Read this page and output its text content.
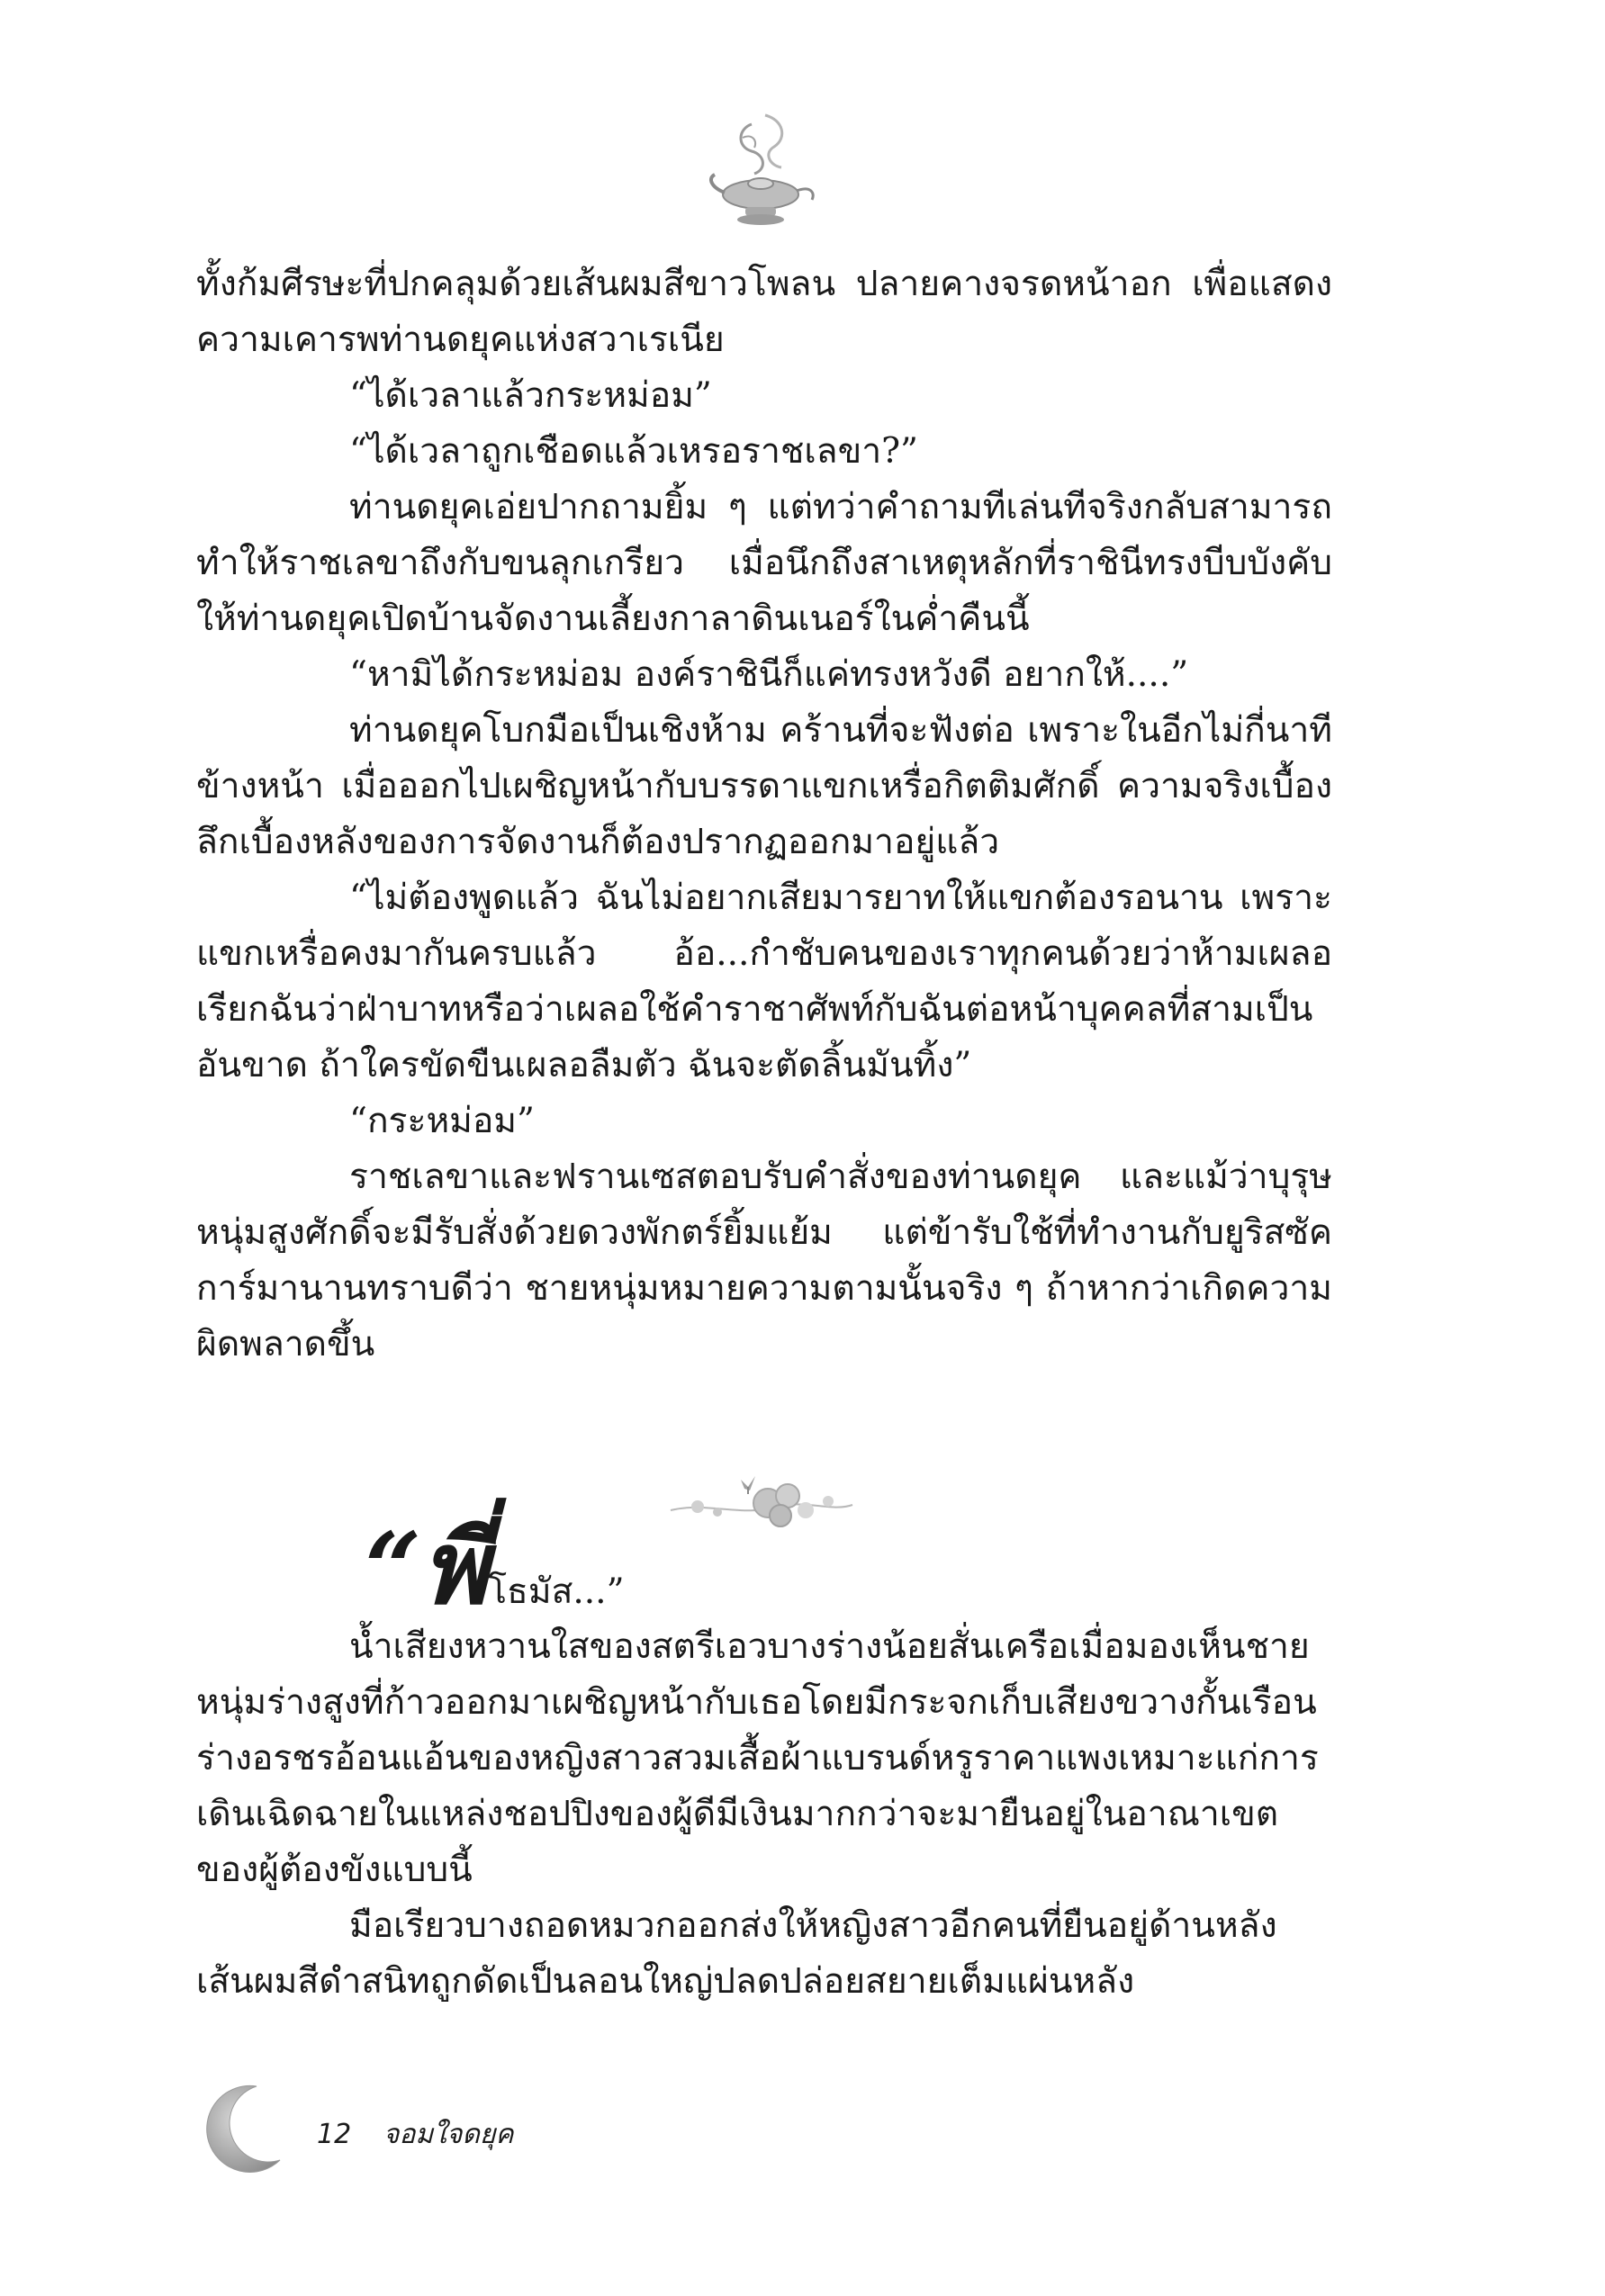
ทั้งก้มศีรษะที่ปกคลุมด้วยเส้นผมสีขาวโพลน ปลายคางจรดหน้าอก เพื่อแสดงความเคารพท่านดยุคแห่งสวาเรเนีย

“ได้เวลาแล้วกระหม่อม”

“ได้เวลาถูกเชือดแล้วเหรอราชเลขา?”

ท่านดยุคเอ่ยปากถามยิ้ม ๆ แต่ทว่าคำถามทีเล่นทีจริงกลับสามารถทำให้ราชเลขาถึงกับขนลุกเกรียว เมื่อนึกถึงสาเหตุหลักที่ราชินีทรงบีบบังคับให้ท่านดยุคเปิดบ้านจัดงานเลี้ยงกาลาดินเนอร์ในค่ำคืนนี้

“หามิได้กระหม่อม องค์ราชินีก็แค่ทรงหวังดี อยากให้....”

ท่านดยุคโบกมือเป็นเชิงห้าม คร้านที่จะฟังต่อ เพราะในอีกไม่กี่นาทีข้างหน้า เมื่อออกไปเผชิญหน้ากับบรรดาแขกเหรื่อกิตติมศักดิ์ ความจริงเบื้องลึกเบื้องหลังของการจัดงานก็ต้องปรากฏออกมาอยู่แล้ว

“ไม่ต้องพูดแล้ว ฉันไม่อยากเสียมารยาทให้แขกต้องรอนาน เพราะแขกเหรื่อคงมากันครบแล้ว อ้อ...กำชับคนของเราทุกคนด้วยว่าห้ามเผลอเรียกฉันว่าฝ่าบาทหรือว่าเผลอใช้คำราชาศัพท์กับฉันต่อหน้าบุคคลที่สามเป็นอันขาด ถ้าใครขัดขืนเผลอลืมตัว ฉันจะตัดลิ้นมันทิ้ง”

“กระหม่อม”

ราชเลขาและฟรานเซสตอบรับคำสั่งของท่านดยุค และแม้ว่าบุรุษหนุ่มสูงศักดิ์จะมีรับสั่งด้วยดวงพักตร์ยิ้มแย้ม แต่ข้ารับใช้ที่ทำงานกับยูริสซัคการ์มานานทราบดีว่า ชายหนุ่มหมายความตามนั้นจริง ๆ ถ้าหากว่าเกิดความผิดพลาดขึ้น

“พี่โธมัส...”

น้ำเสียงหวานใสของสตรีเอวบางร่างน้อยสั่นเครือเมื่อมองเห็นชายหนุ่มร่างสูงที่ก้าวออกมาเผชิญหน้ากับเธอโดยมีกระจกเก็บเสียงขวางกั้นเรือนร่างอรชรอ้อนแอ้นของหญิงสาวสวมเสื้อผ้าแบรนด์หรูราคาแพงเหมาะแก่การเดินเฉิดฉายในแหล่งชอปปิงของผู้ดีมีเงินมากกว่าจะมายืนอยู่ในอาณาเขตของผู้ต้องขังแบบนี้

มือเรียวบางถอดหมวกออกส่งให้หญิงสาวอีกคนที่ยืนอยู่ด้านหลังเส้นผมสีดำสนิทถูกดัดเป็นลอนใหญ่ปลดปล่อยสยายเต็มแผ่นหลัง

12 จอมใจดยุค
